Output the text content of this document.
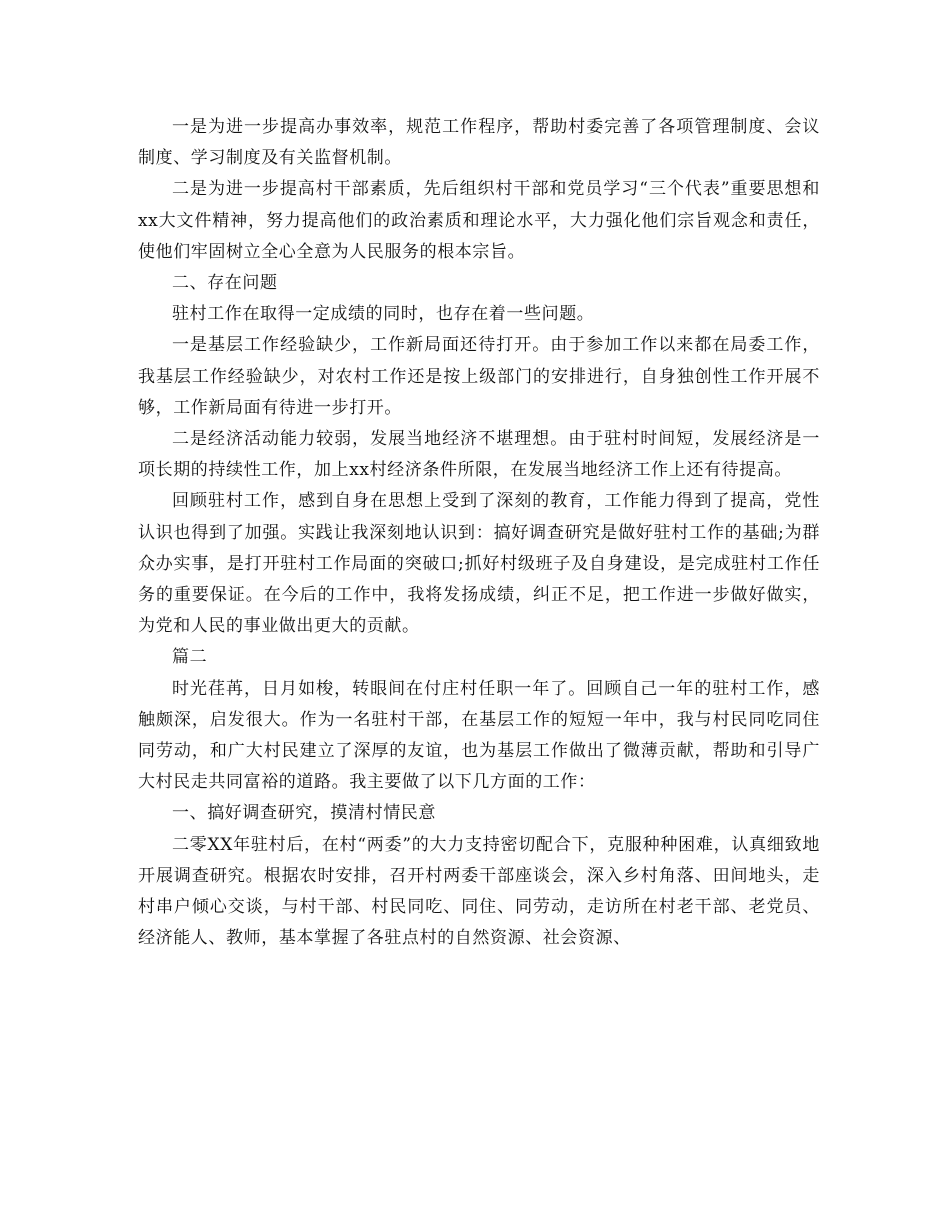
一是为进一步提高办事效率，规范工作程序，帮助村委完善了各项管理制度、会议制度、学习制度及有关监督机制。

二是为进一步提高村干部素质，先后组织村干部和党员学习“三个代表”重要思想和xx大文件精神，努力提高他们的政治素质和理论水平，大力强化他们宗旨观念和责任，使他们牢固树立全心全意为人民服务的根本宗旨。

二、存在问题

驻村工作在取得一定成绩的同时，也存在着一些问题。

一是基层工作经验缺少，工作新局面还待打开。由于参加工作以来都在局委工作，我基层工作经验缺少，对农村工作还是按上级部门的安排进行，自身独创性工作开展不够，工作新局面有待进一步打开。

二是经济活动能力较弱，发展当地经济不堪理想。由于驻村时间短，发展经济是一项长期的持续性工作，加上xx村经济条件所限，在发展当地经济工作上还有待提高。

回顾驻村工作，感到自身在思想上受到了深刻的教育，工作能力得到了提高，党性认识也得到了加强。实践让我深刻地认识到：搞好调查研究是做好驻村工作的基础;为群众办实事，是打开驻村工作局面的突破口;抓好村级班子及自身建设，是完成驻村工作任务的重要保证。在今后的工作中，我将发扬成绩，纠正不足，把工作进一步做好做实，为党和人民的事业做出更大的贡献。

篇二

时光荏苒，日月如梭，转眼间在付庄村任职一年了。回顾自己一年的驻村工作，感触颇深，启发很大。作为一名驻村干部，在基层工作的短短一年中，我与村民同吃同住同劳动，和广大村民建立了深厚的友谊，也为基层工作做出了微薄贡献，帮助和引导广大村民走共同富裕的道路。我主要做了以下几方面的工作：

一、搞好调查研究，摸清村情民意

二零XX年驻村后，在村“两委”的大力支持密切配合下，克服种种困难，认真细致地开展调查研究。根据农时安排，召开村两委干部座谈会，深入乡村角落、田间地头，走村串户倾心交谈，与村干部、村民同吃、同住、同劳动，走访所在村老干部、老党员、经济能人、教师，基本掌握了各驻点村的自然资源、社会资源、
